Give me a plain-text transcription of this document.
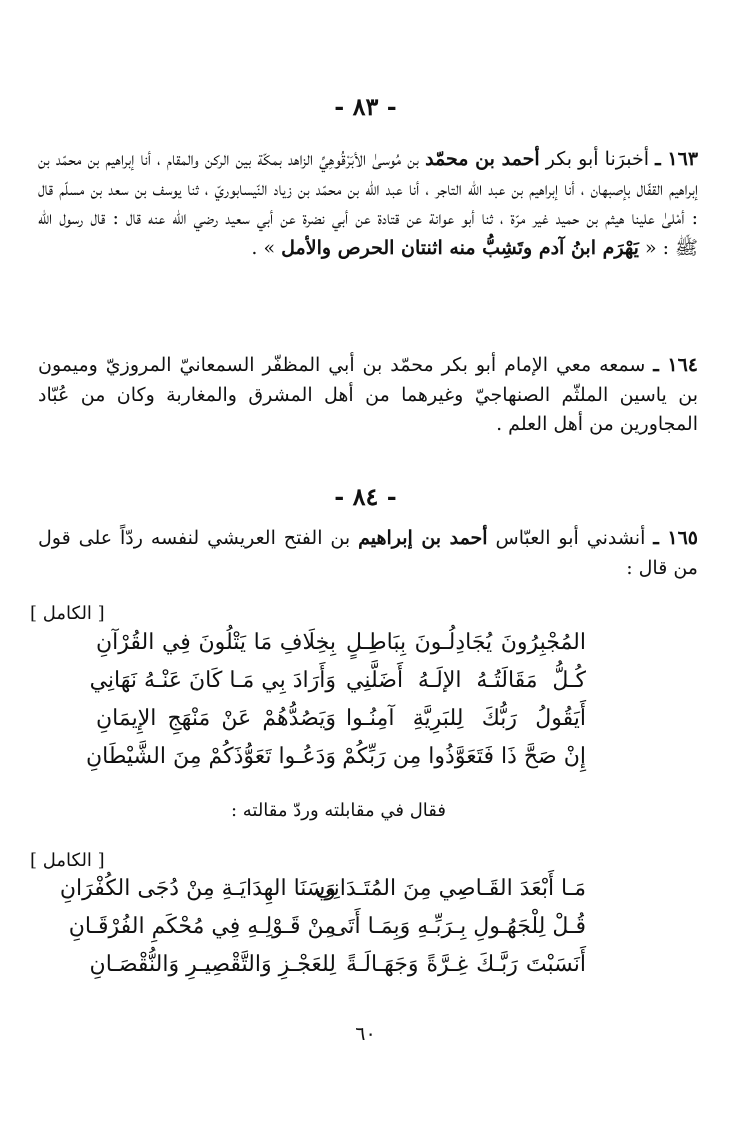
- ٨٣ -
١٦٣ ـ أخبرَنا أبو بكر أحمد بن محمّد بن مُوسىٰ الأبَرْقُوهِيِّ الزاهد بمكّة بين الركن والمقام ، أنا إبراهيم بن محمّد بن إبراهيم القفّال بإصبهان ، أنا إبراهيم بن عبد الله التاجر ، أنا عبد الله بن محمّد بن زياد النّيسابوريّ ، ثنا يوسف بن سعد بن مسلّم قال : أمْلىٰ علينا هيثم بن حميد غير مرّة ، ثنا أبو عوانة عن قتادة عن أبي نضرة عن أبي سعيد رضي الله عنه قال : قال رسول الله ﷺ : « يَهْرَم ابنُ آدم وتَشِبُّ منه اثنتان الحرص والأمل » .
١٦٤ ـ سمعه معي الإمام أبو بكر محمّد بن أبي المظفّر السمعانيّ المروزيّ وميمون بن ياسين الملثّم الصنهاجيّ وغيرهما من أهل المشرق والمغاربة وكان من عُبّاد المجاورين من أهل العلم .
- ٨٤ -
١٦٥ ـ أنشدني أبو العبّاس أحمد بن إبراهيم بن الفتح العريشي لنفسه ردّاً على قول من قال :
[ الكامل ]
المُجْبِرُونَ يُجَادِلُـونَ بِبَاطِـلٍ
بِخِلَافِ مَا يَتْلُونَ فِي القُرْآنِ
كُـلُّ مَقَالَتُـهُ الإلَـهُ أَضَلَّنِي
وَأَرَادَ بِي مَـا كَانَ عَنْـهُ نَهَانِي
أَيَقُولُ رَبُّكَ لِلبَرِيَّةِ آمِنُـوا
وَيَصُدُّهُمْ عَنْ مَنْهَجِ الإِيمَانِ
إِنْ صَحَّ ذَا فَتَعَوَّذُوا مِن رَبِّكُمْ
وَدَعُـوا تَعَوُّذَكُمْ مِنَ الشَّيْطَانِ
فقال في مقابلته وردّ مقالته :
[ الكامل ]
مَـا أَبْعَدَ القَـاصِي مِنَ المُتَـدَانِي
وَسَنَا الهِدَايَـةِ مِنْ دُجَى الكُفْرَانِ
قُـلْ لِلْجَهُـولِ بِـرَبِّـهِ وَبِمَـا أَتَى
مِنْ قَـوْلِـهِ فِي مُحْكَمِ الفُرْقَـانِ
أَنَسَبْتَ رَبَّـكَ غِـرَّةً وَجَهَـالَـةً
لِلعَجْـزِ وَالتَّقْصِيـرِ وَالنُّقْصَـانِ
٦٠
